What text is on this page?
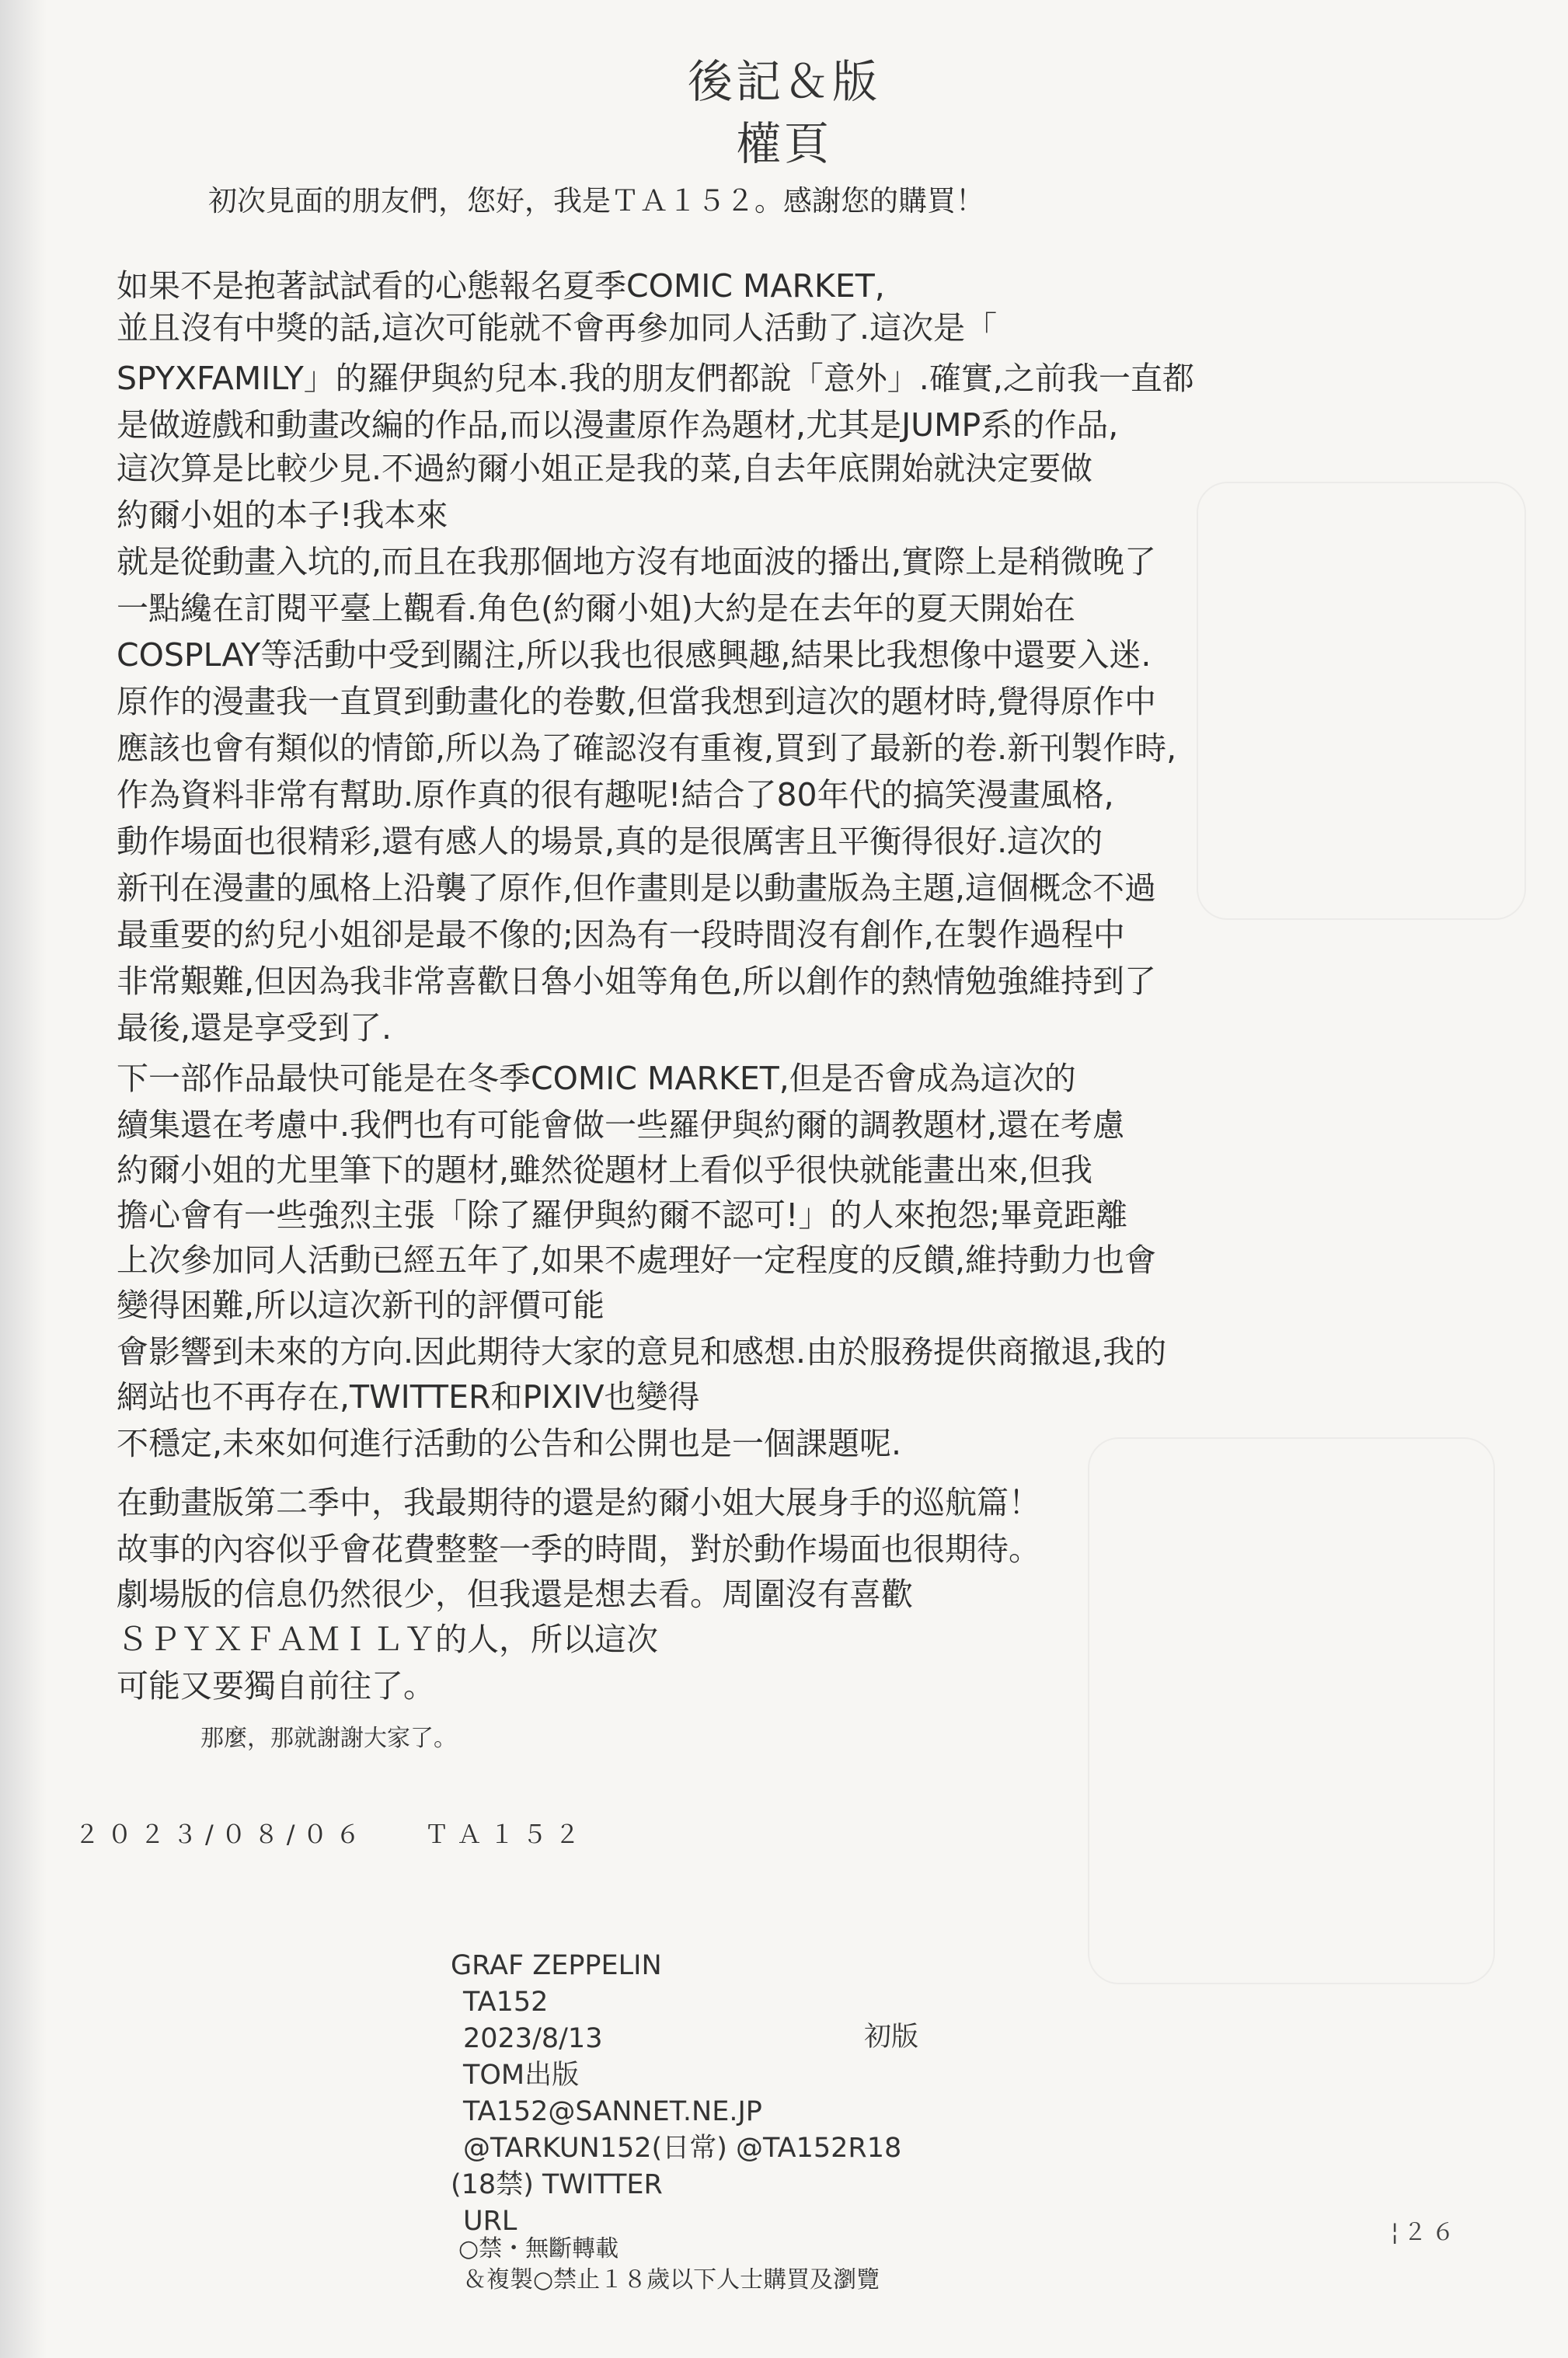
後記＆版
權頁
初次見面的朋友們，您好，我是ＴＡ１５２。感謝您的購買！
如果不是抱著試試看的心態報名夏季COMIC MARKET,
並且沒有中獎的話,這次可能就不會再參加同人活動了.這次是「
SPYXFAMILY」的羅伊與約兒本.我的朋友們都說「意外」.確實,之前我一直都
是做遊戲和動畫改編的作品,而以漫畫原作為題材,尤其是JUMP系的作品,
這次算是比較少見.不過約爾小姐正是我的菜,自去年底開始就決定要做
約爾小姐的本子!我本來
就是從動畫入坑的,而且在我那個地方沒有地面波的播出,實際上是稍微晚了
一點纔在訂閱平臺上觀看.角色(約爾小姐)大約是在去年的夏天開始在
COSPLAY等活動中受到關注,所以我也很感興趣,結果比我想像中還要入迷.
原作的漫畫我一直買到動畫化的卷數,但當我想到這次的題材時,覺得原作中
應該也會有類似的情節,所以為了確認沒有重複,買到了最新的卷.新刊製作時,
作為資料非常有幫助.原作真的很有趣呢!結合了80年代的搞笑漫畫風格,
動作場面也很精彩,還有感人的場景,真的是很厲害且平衡得很好.這次的
新刊在漫畫的風格上沿襲了原作,但作畫則是以動畫版為主題,這個概念不過
最重要的約兒小姐卻是最不像的;因為有一段時間沒有創作,在製作過程中
非常艱難,但因為我非常喜歡日魯小姐等角色,所以創作的熱情勉強維持到了
最後,還是享受到了.
下一部作品最快可能是在冬季COMIC MARKET,但是否會成為這次的
續集還在考慮中.我們也有可能會做一些羅伊與約爾的調教題材,還在考慮
約爾小姐的尤里筆下的題材,雖然從題材上看似乎很快就能畫出來,但我
擔心會有一些強烈主張「除了羅伊與約爾不認可!」的人來抱怨;畢竟距離
上次參加同人活動已經五年了,如果不處理好一定程度的反饋,維持動力也會
變得困難,所以這次新刊的評價可能
會影響到未來的方向.因此期待大家的意見和感想.由於服務提供商撤退,我的
網站也不再存在,TWITTER和PIXIV也變得
不穩定,未來如何進行活動的公告和公開也是一個課題呢.
在動畫版第二季中，我最期待的還是約爾小姐大展身手的巡航篇！
故事的內容似乎會花費整整一季的時間，對於動作場面也很期待。
劇場版的信息仍然很少，但我還是想去看。周圍沒有喜歡
ＳＰＹＸＦＡＭＩＬＹ的人，所以這次
可能又要獨自前往了。
那麼，那就謝謝大家了。
２０２３/０８/０６ ＴＡ１５２
GRAF ZEPPELIN
TA152
2023/8/13	初版
TOM出版
TA152@SANNET.NE.JP
@TARKUN152(日常) @TA152R18
(18禁) TWITTER
URL
○禁・無斷轉載
＆複製○禁止１８歲以下人士購買及瀏覽
¦２６
